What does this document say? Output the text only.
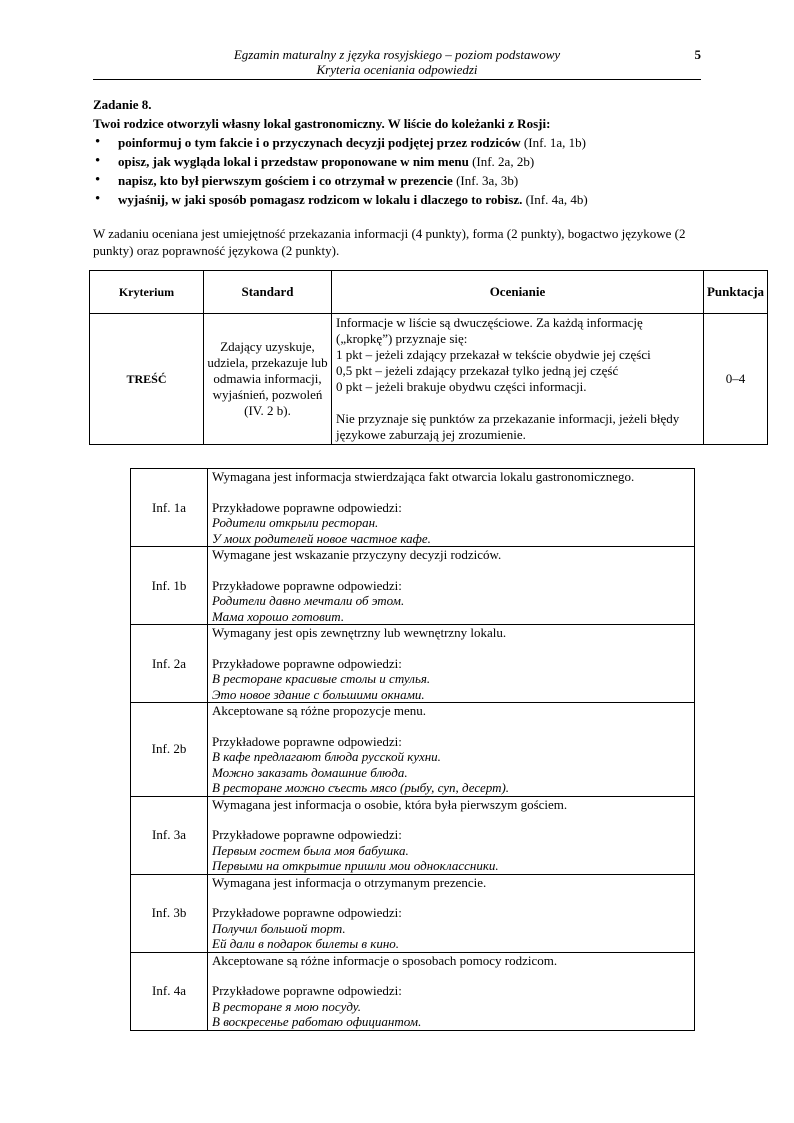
Egzamin maturalny z języka rosyjskiego – poziom podstawowy
Kryteria oceniania odpowiedzi
5
Zadanie 8.
Twoi rodzice otworzyli własny lokal gastronomiczny. W liście do koleżanki z Rosji:
• poinformuj o tym fakcie i o przyczynach decyzji podjętej przez rodziców (Inf. 1a, 1b)
• opisz, jak wygląda lokal i przedstaw proponowane w nim menu (Inf. 2a, 2b)
• napisz, kto był pierwszym gościem i co otrzymał w prezencie (Inf. 3a, 3b)
• wyjaśnij, w jaki sposób pomagasz rodzicom w lokalu i dlaczego to robisz. (Inf. 4a, 4b)
W zadaniu oceniana jest umiejętność przekazania informacji (4 punkty), forma (2 punkty), bogactwo językowe (2 punkty) oraz poprawność językowa (2 punkty).
Kryterium	Standard	Ocenianie	Punktacja
TREŚĆ	Zdający uzyskuje, udziela, przekazuje lub odmawia informacji, wyjaśnień, pozwoleń (IV. 2 b).	Informacje w liście są dwuczęściowe. Za każdą informację („kropkę”) przyznaje się:

1 pkt – jeżeli zdający przekazał w tekście obydwie jej części

0,5 pkt – jeżeli zdający przekazał tylko jedną jej część

0 pkt – jeżeli brakuje obydwu części informacji.

Nie przyznaje się punktów za przekazanie informacji, jeżeli błędy językowe zaburzają jej zrozumienie.	0–4
Inf. 1a	Wymagana jest informacja stwierdzająca fakt otwarcia lokalu gastronomicznego.
Przykładowe poprawne odpowiedzi:
Родители открыли ресторан.
У моих родителей новое частное кафе.

Inf. 1b	Wymagane jest wskazanie przyczyny decyzji rodziców.
Przykładowe poprawne odpowiedzi:
Родители давно мечтали об этом.
Мама хорошо готовит.

Inf. 2a	Wymagany jest opis zewnętrzny lub wewnętrzny lokalu.
Przykładowe poprawne odpowiedzi:
В ресторане красивые столы и стулья.
Это новое здание с большими окнами.

Inf. 2b	Akceptowane są różne propozycje menu.
Przykładowe poprawne odpowiedzi:
В кафе предлагают блюда русской кухни.
Можно заказать домашние блюда.
В ресторане можно съесть мясо (рыбу, суп, десерт).

Inf. 3a	Wymagana jest informacja o osobie, która była pierwszym gościem.
Przykładowe poprawne odpowiedzi:
Первым гостем была моя бабушка.
Первыми на открытие пришли мои одноклассники.

Inf. 3b	Wymagana jest informacja o otrzymanym prezencie.
Przykładowe poprawne odpowiedzi:
Получил большой торт.
Ей дали в подарок билеты в кино.

Inf. 4a	Akceptowane są różne informacje o sposobach pomocy rodzicom.
Przykładowe poprawne odpowiedzi:
В ресторане я мою посуду.
В воскресенье работаю официантом.
